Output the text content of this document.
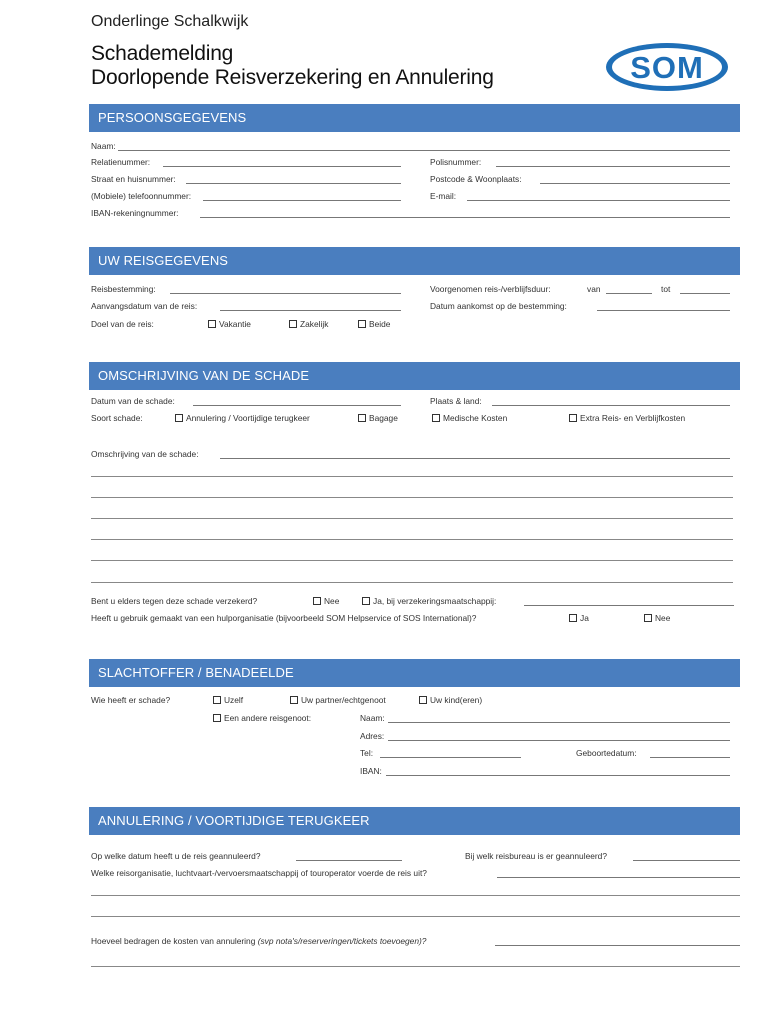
Onderlinge Schalkwijk
Schademelding
Doorlopende Reisverzekering en Annulering	SOM
PERSOONSGEGEVENS
Naam:
Relatienummer:	Polisnummer:
Straat en huisnummer:	Postcode & Woonplaats:
(Mobiele) telefoonnummer:	E-mail:
IBAN-rekeningnummer:
UW REISGEGEVENS
Reisbestemming:	Voorgenomen reis-/verblijfsduur:	van	tot
Aanvangsdatum van de reis:	Datum aankomst op de bestemming:
Doel van de reis:	Vakantie	Zakelijk	Beide
OMSCHRIJVING VAN DE SCHADE
Datum van de schade:	Plaats & land:
Soort schade:	Annulering / Voortijdige terugkeer	Bagage	Medische Kosten	Extra Reis- en Verblijfkosten
Omschrijving van de schade:
Bent u elders tegen deze schade verzekerd?	Nee	Ja, bij verzekeringsmaatschappij:
Heeft u gebruik gemaakt van een hulporganisatie (bijvoorbeeld SOM Helpservice of SOS International)?	Ja	Nee
SLACHTOFFER / BENADEELDE
Wie heeft er schade?	Uzelf	Uw partner/echtgenoot	Uw kind(eren)
Een andere reisgenoot:	Naam:
Adres:
Tel:	Geboortedatum:
IBAN:
ANNULERING / VOORTIJDIGE TERUGKEER
Op welke datum heeft u de reis geannuleerd?	Bij welk reisbureau is er geannuleerd?
Welke reisorganisatie, luchtvaart-/vervoersmaatschappij of touroperator voerde de reis uit?
Hoeveel bedragen de kosten van annulering (svp nota's/reserveringen/tickets toevoegen)?
